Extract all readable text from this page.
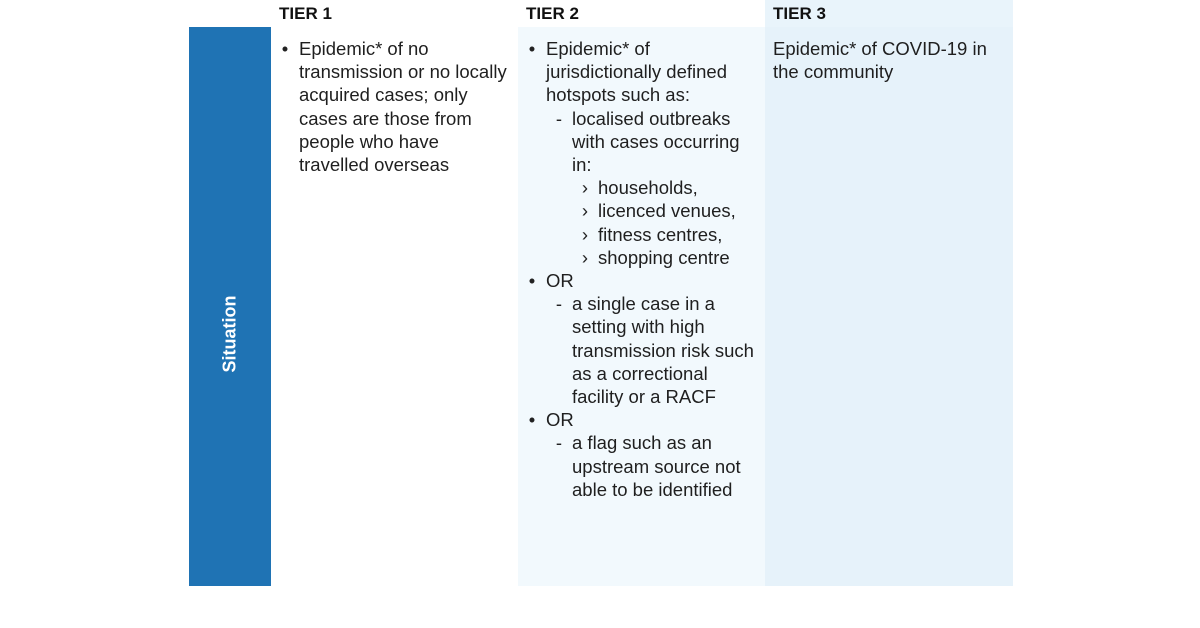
TIER 1	TIER 2	TIER 3
Situation
• Epidemic* of no transmission or no locally acquired cases; only cases are those from people who have travelled overseas
• Epidemic* of jurisdictionally defined hotspots such as:
- localised outbreaks with cases occurring in:
› households,
› licenced venues,
› fitness centres,
› shopping centre
• OR
- a single case in a setting with high transmission risk such as a correctional facility or a RACF
• OR
- a flag such as an upstream source not able to be identified
Epidemic* of COVID-19 in the community
